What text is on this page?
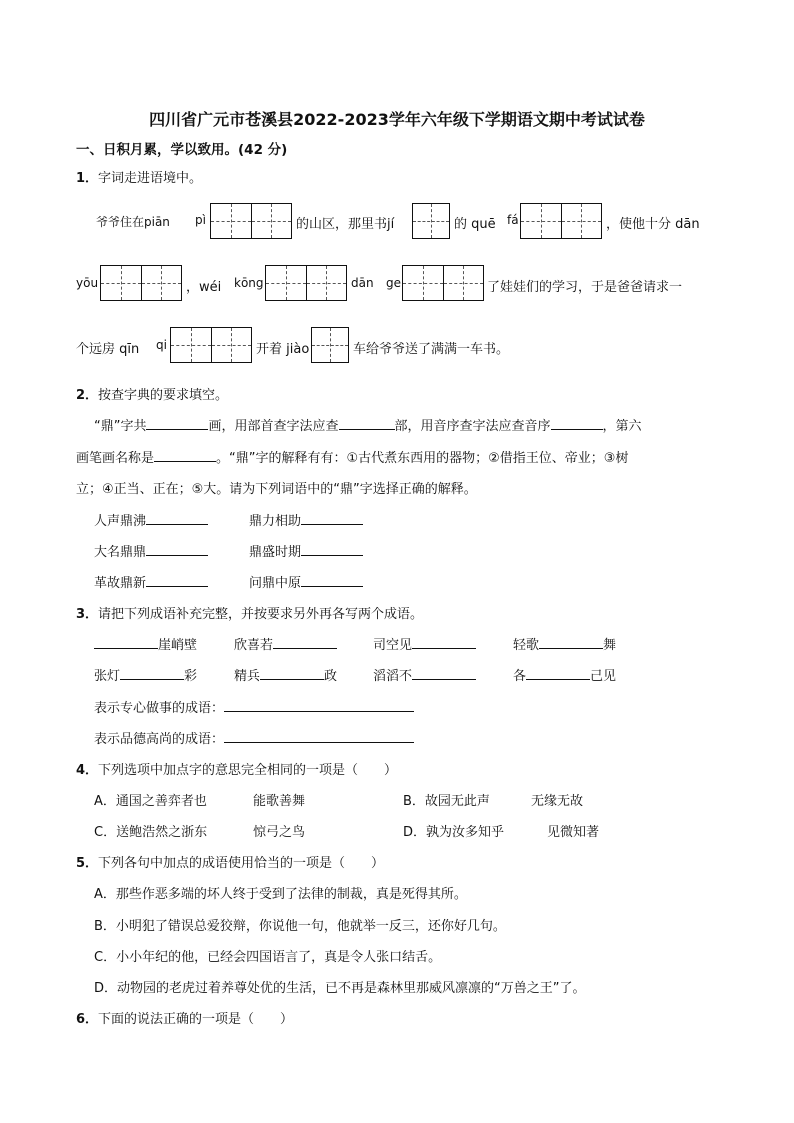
四川省广元市苍溪县2022-2023学年六年级下学期语文期中考试试卷
一、日积月累，学以致用。(42 分)
1．字词走进语境中。
爷爷住在piān pì	的山区，那里书jí	的 quē fá	，使他十分 dān
yōu	，wéi kōng	dān ge	了娃娃们的学习，于是爸爸请求一
个远房 qīn qi	开着 jiào	车给爷爷送了满满一车书。
2．按查字典的要求填空。
“鼎”字共	画，用部首查字法应查	部，用音序查字法应查音序	，第六
画笔画名称是	。“鼎”字的解释有有：①古代煮东西用的器物；②借指王位、帝业；③树
立；④正当、正在；⑤大。请为下列词语中的“鼎”字选择正确的解释。
人声鼎沸	鼎力相助
大名鼎鼎	鼎盛时期
革故鼎新	问鼎中原
3．请把下列成语补充完整，并按要求另外再各写两个成语。
崖峭壁	欣喜若	司空见	轻歌	舞
张灯	彩	精兵	政	滔滔不	各	己见
表示专心做事的成语：
表示品德高尚的成语：
4．下列选项中加点字的意思完全相同的一项是（　　）
A．通国之善弈者也	能歌善舞	B．故园无此声	无缘无故
C．送鲍浩然之浙东	惊弓之鸟	D．孰为汝多知乎	见微知著
5．下列各句中加点的成语使用恰当的一项是（　　）
A．那些作恶多端的坏人终于受到了法律的制裁，真是死得其所。
B．小明犯了错误总爱狡辩，你说他一句，他就举一反三，还你好几句。
C．小小年纪的他，已经会四国语言了，真是令人张口结舌。
D．动物园的老虎过着养尊处优的生活，已不再是森林里那威风凛凛的“万兽之王”了。
6．下面的说法正确的一项是（　　）
